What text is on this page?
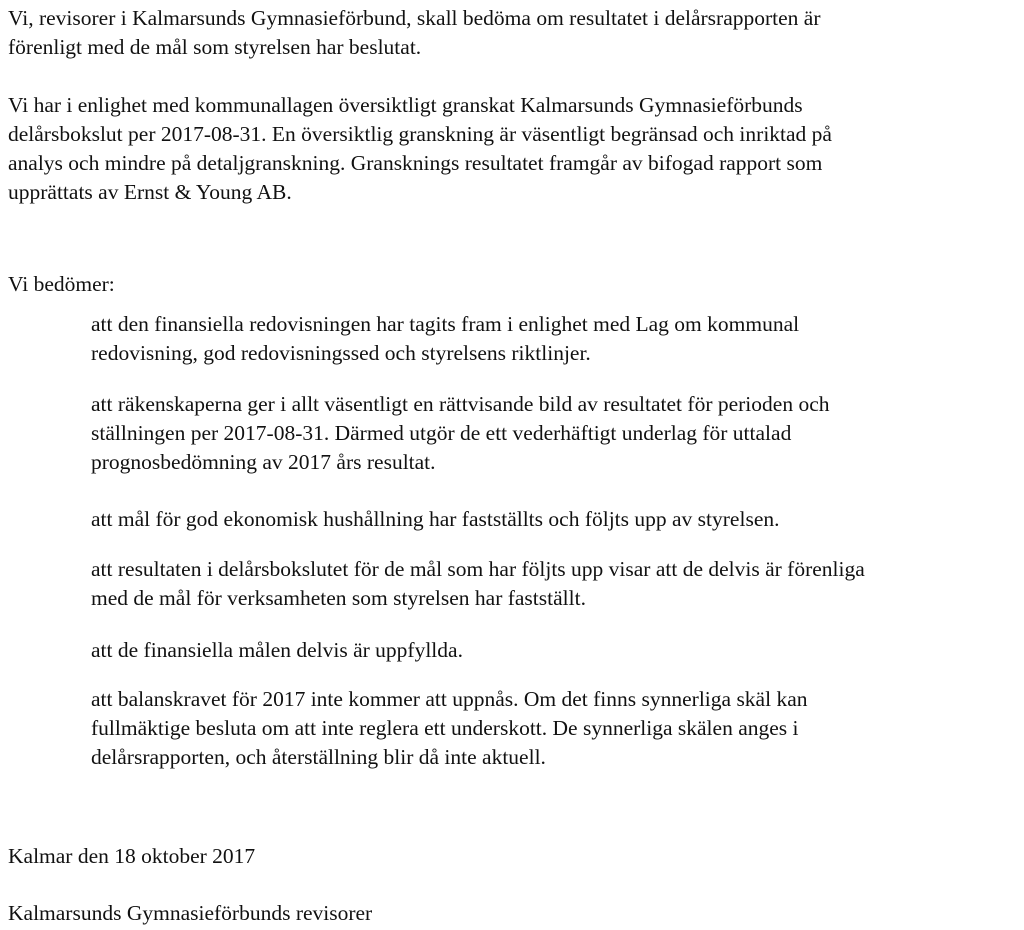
Vi, revisorer i Kalmarsunds Gymnasieförbund, skall bedöma om resultatet i delårsrapporten är
förenligt med de mål som styrelsen har beslutat.

Vi har i enlighet med kommunallagen översiktligt granskat Kalmarsunds Gymnasieförbunds
delårsbokslut per 2017-08-31. En översiktlig granskning är väsentligt begränsad och inriktad på
analys och mindre på detaljgranskning. Gransknings resultatet framgår av bifogad rapport som
upprättats av Ernst & Young AB.

Vi bedömer:

att den finansiella redovisningen har tagits fram i enlighet med Lag om kommunal
redovisning, god redovisningssed och styrelsens riktlinjer.

att räkenskaperna ger i allt väsentligt en rättvisande bild av resultatet för perioden och
ställningen per 2017-08-31. Därmed utgör de ett vederhäftigt underlag för uttalad
prognosbedömning av 2017 års resultat.

att mål för god ekonomisk hushållning har fastställts och följts upp av styrelsen.

att resultaten i delårsbokslutet för de mål som har följts upp visar att de delvis är förenliga
med de mål för verksamheten som styrelsen har fastställt.

att de finansiella målen delvis är uppfyllda.

att balanskravet för 2017 inte kommer att uppnås. Om det finns synnerliga skäl kan
fullmäktige besluta om att inte reglera ett underskott. De synnerliga skälen anges i
delårsrapporten, och återställning blir då inte aktuell.

Kalmar den 18 oktober 2017

Kalmarsunds Gymnasieförbunds revisorer
